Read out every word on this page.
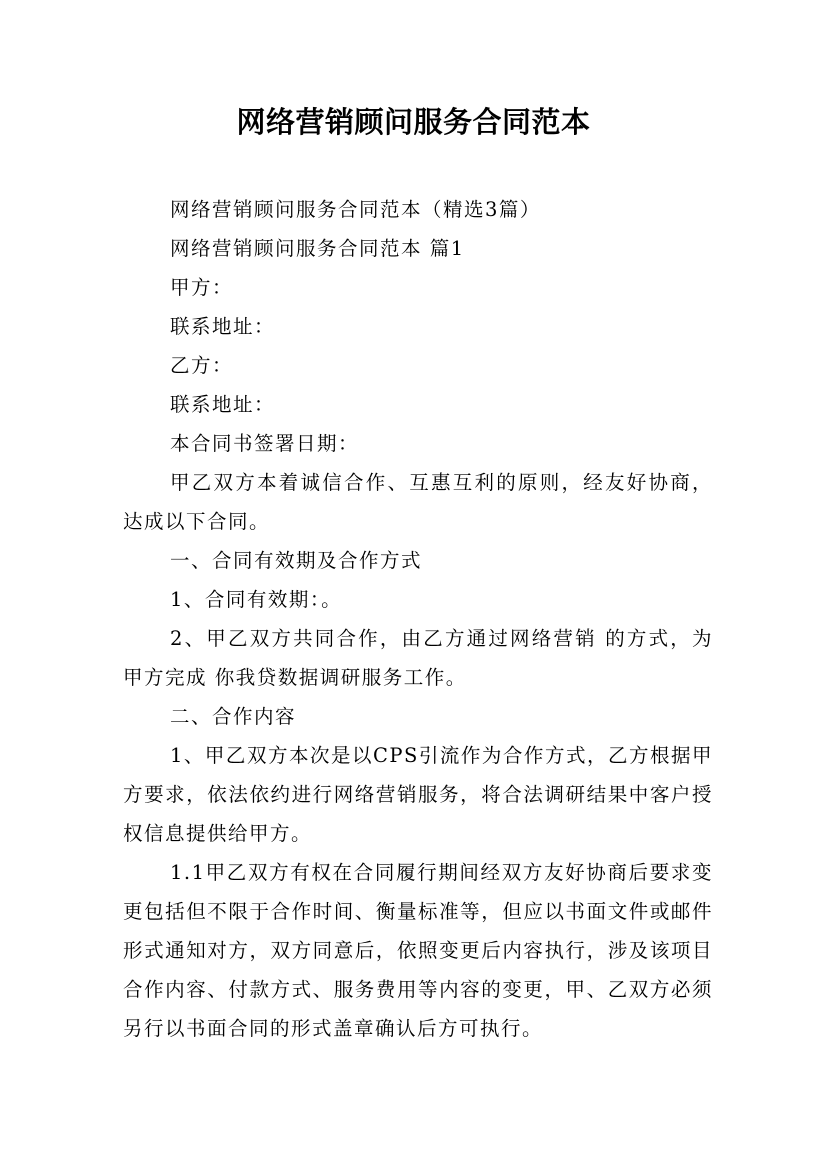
网络营销顾问服务合同范本

网络营销顾问服务合同范本（精选3篇）

网络营销顾问服务合同范本 篇1

甲方：

联系地址：

乙方：

联系地址：

本合同书签署日期：

甲乙双方本着诚信合作、互惠互利的原则，经友好协商，达成以下合同。

一、合同有效期及合作方式

1、合同有效期：。

2、甲乙双方共同合作，由乙方通过网络营销 的方式，为甲方完成 你我贷数据调研服务工作。

二、合作内容

1、甲乙双方本次是以CPS引流作为合作方式，乙方根据甲方要求，依法依约进行网络营销服务，将合法调研结果中客户授权信息提供给甲方。

1.1甲乙双方有权在合同履行期间经双方友好协商后要求变更包括但不限于合作时间、衡量标准等，但应以书面文件或邮件形式通知对方，双方同意后，依照变更后内容执行，涉及该项目合作内容、付款方式、服务费用等内容的变更，甲、乙双方必须另行以书面合同的形式盖章确认后方可执行。
